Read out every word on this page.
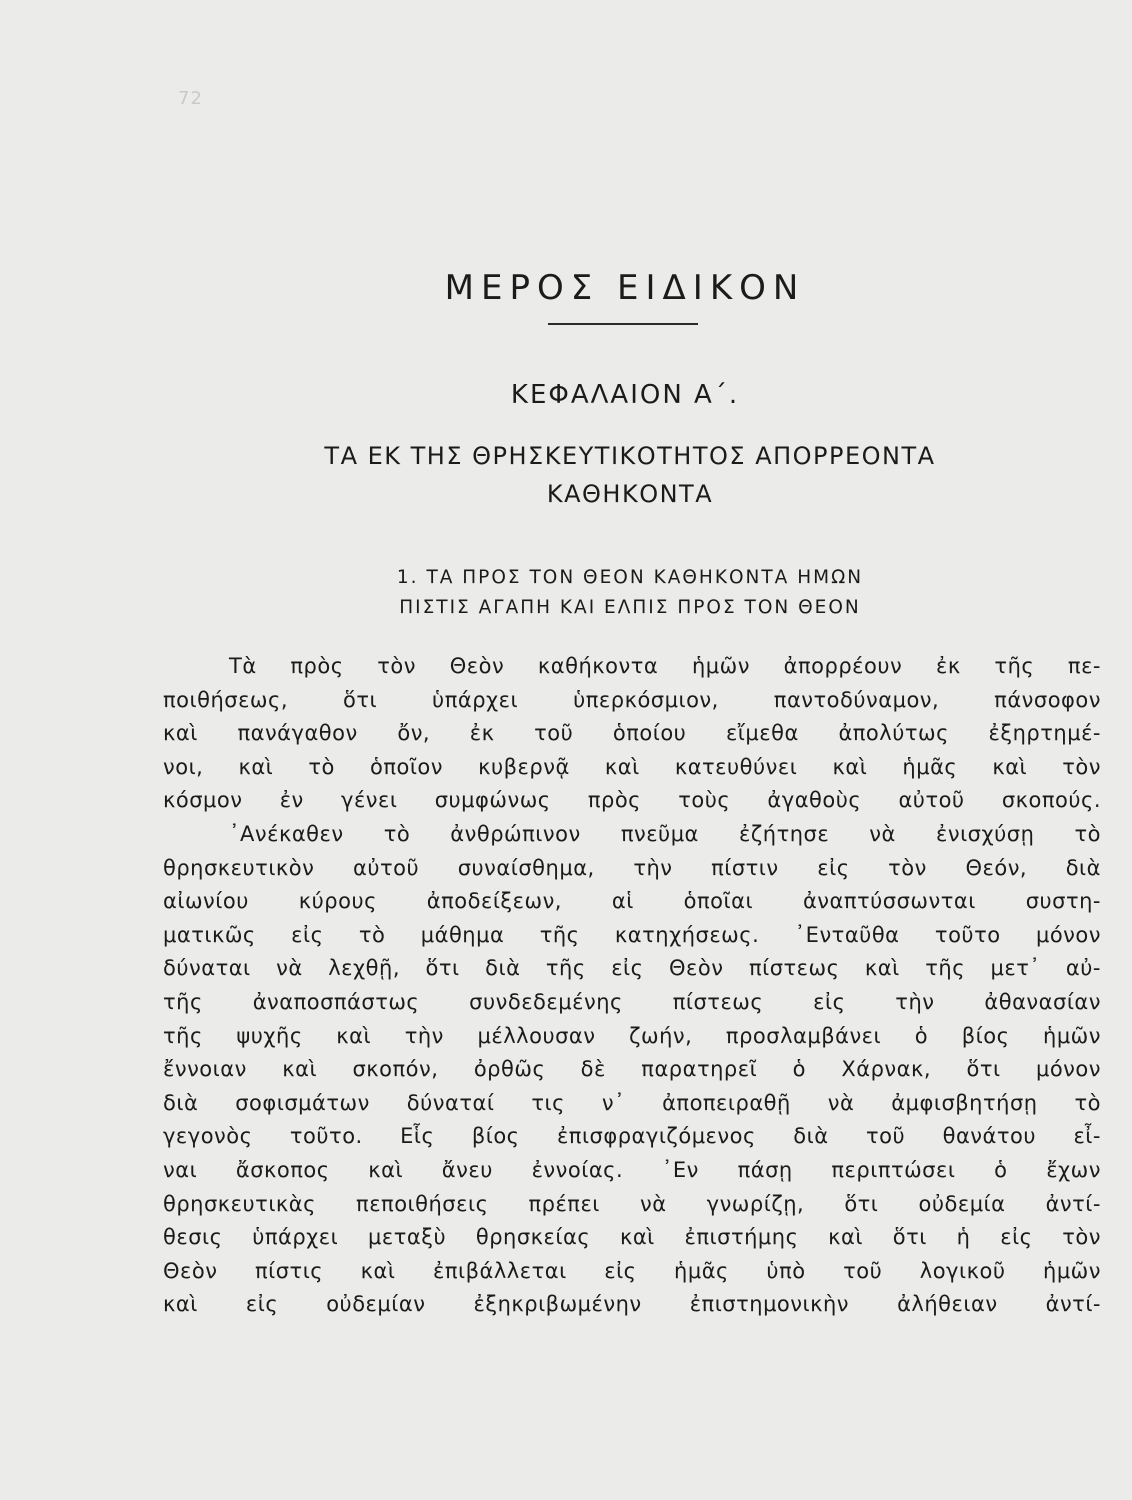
72
ΜΕΡΟΣ ΕΙΔΙΚΟΝ
ΚΕΦΑΛΑΙΟΝ Α΄.
ΤΑ ΕΚ ΤΗΣ ΘΡΗΣΚΕΥΤΙΚΟΤΗΤΟΣ ΑΠΟΡΡΕΟΝΤΑ
ΚΑΘΗΚΟΝΤΑ
1. ΤΑ ΠΡΟΣ ΤΟΝ ΘΕΟΝ ΚΑΘΗΚΟΝΤΑ ΗΜΩΝ
ΠΙΣΤΙΣ ΑΓΑΠΗ ΚΑΙ ΕΛΠΙΣ ΠΡΟΣ ΤΟΝ ΘΕΟΝ

Τὰ πρὸς τὸν Θεὸν καθήκοντα ἡμῶν ἀπορρέουν ἐκ τῆς πε-
ποιθήσεως, ὅτι ὑπάρχει ὑπερκόσμιον, παντοδύναμον, πάνσοφον
καὶ πανάγαθον ὄν, ἐκ τοῦ ὁποίου εἴμεθα ἀπολύτως ἐξηρτημέ-
νοι, καὶ τὸ ὁποῖον κυβερνᾷ καὶ κατευθύνει καὶ ἡμᾶς καὶ τὸν
κόσμον ἐν γένει συμφώνως πρὸς τοὺς ἀγαθοὺς αὐτοῦ σκοπούς.

᾿Ανέκαθεν τὸ ἀνθρώπινον πνεῦμα ἐζήτησε νὰ ἐνισχύσῃ τὸ
θρησκευτικὸν αὐτοῦ συναίσθημα, τὴν πίστιν εἰς τὸν Θεόν, διὰ
αἰωνίου κύρους ἀποδείξεων, αἱ ὁποῖαι ἀναπτύσσωνται συστη-
ματικῶς εἰς τὸ μάθημα τῆς κατηχήσεως. ᾿Ενταῦθα τοῦτο μόνον
δύναται νὰ λεχθῇ, ὅτι διὰ τῆς εἰς Θεὸν πίστεως καὶ τῆς μετ᾿ αὐ-
τῆς ἀναποσπάστως συνδεδεμένης πίστεως εἰς τὴν ἀθανασίαν
τῆς ψυχῆς καὶ τὴν μέλλουσαν ζωήν, προσλαμβάνει ὁ βίος ἡμῶν
ἔννοιαν καὶ σκοπόν, ὀρθῶς δὲ παρατηρεῖ ὁ Χάρνακ, ὅτι μόνον
διὰ σοφισμάτων δύναταί τις ν᾿ ἀποπειραθῇ νὰ ἀμφισβητήσῃ τὸ
γεγονὸς τοῦτο. Εἷς βίος ἐπισφραγιζόμενος διὰ τοῦ θανάτου εἶ-
ναι ἄσκοπος καὶ ἄνευ ἐννοίας. ᾿Εν πάσῃ περιπτώσει ὁ ἔχων
θρησκευτικὰς πεποιθήσεις πρέπει νὰ γνωρίζῃ, ὅτι οὐδεμία ἀντί-
θεσις ὑπάρχει μεταξὺ θρησκείας καὶ ἐπιστήμης καὶ ὅτι ἡ εἰς τὸν
Θεὸν πίστις καὶ ἐπιβάλλεται εἰς ἡμᾶς ὑπὸ τοῦ λογικοῦ ἡμῶν
καὶ εἰς οὐδεμίαν ἐξηκριβωμένην ἐπιστημονικὴν ἀλήθειαν ἀντί-
